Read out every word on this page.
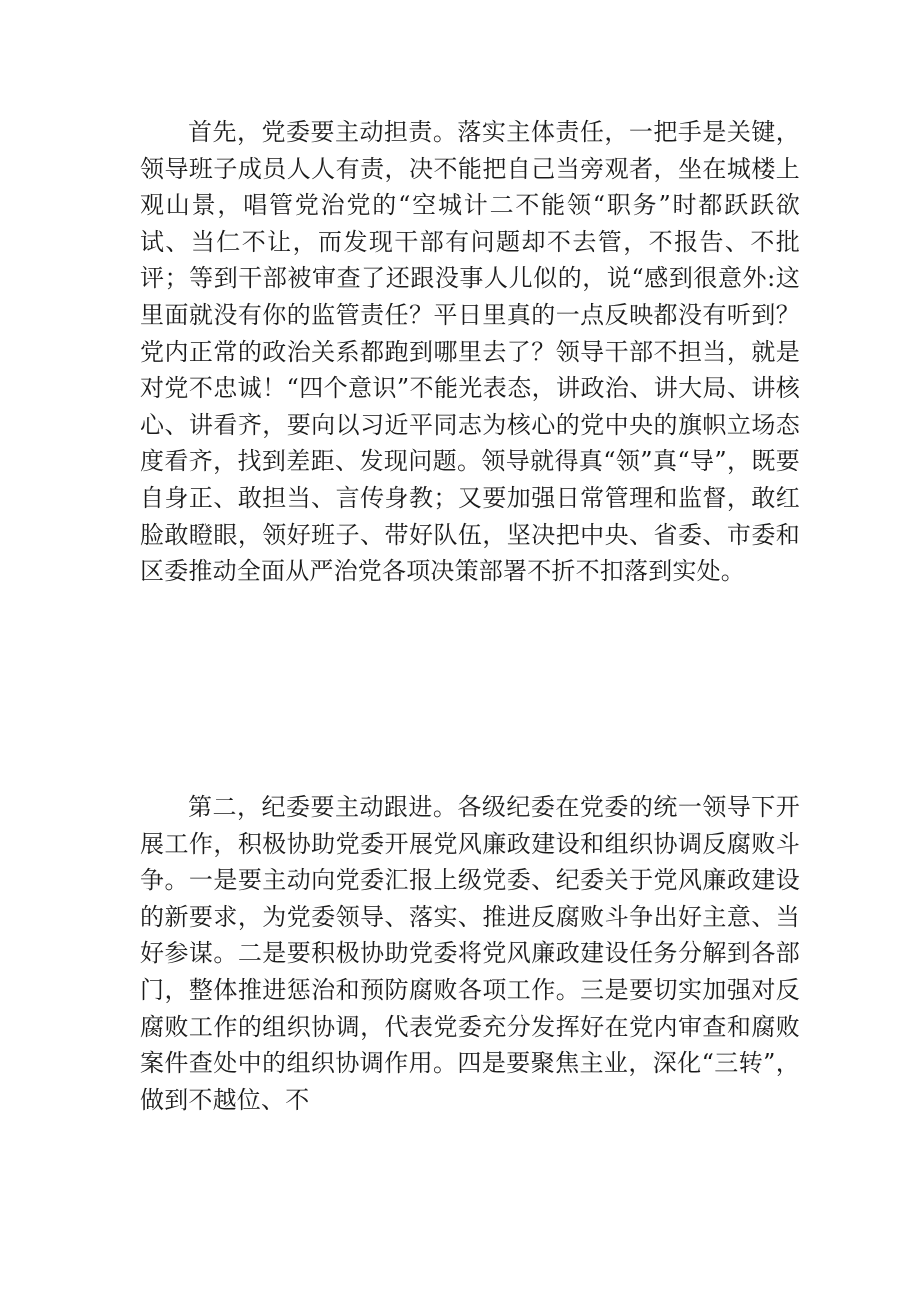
首先，党委要主动担责。落实主体责任，一把手是关键，领导班子成员人人有责，决不能把自己当旁观者，坐在城楼上观山景，唱管党治党的“空城计二不能领“职务”时都跃跃欲试、当仁不让，而发现干部有问题却不去管，不报告、不批评；等到干部被审查了还跟没事人儿似的，说“感到很意外:这里面就没有你的监管责任？平日里真的一点反映都没有听到？党内正常的政治关系都跑到哪里去了？领导干部不担当，就是对党不忠诚！“四个意识”不能光表态，讲政治、讲大局、讲核心、讲看齐，要向以习近平同志为核心的党中央的旗帜立场态度看齐，找到差距、发现问题。领导就得真“领”真“导”，既要自身正、敢担当、言传身教；又要加强日常管理和监督，敢红脸敢瞪眼，领好班子、带好队伍，坚决把中央、省委、市委和区委推动全面从严治党各项决策部署不折不扣落到实处。

第二，纪委要主动跟进。各级纪委在党委的统一领导下开展工作，积极协助党委开展党风廉政建设和组织协调反腐败斗争。一是要主动向党委汇报上级党委、纪委关于党风廉政建设的新要求，为党委领导、落实、推进反腐败斗争出好主意、当好参谋。二是要积极协助党委将党风廉政建设任务分解到各部门，整体推进惩治和预防腐败各项工作。三是要切实加强对反腐败工作的组织协调，代表党委充分发挥好在党内审查和腐败案件查处中的组织协调作用。四是要聚焦主业，深化“三转”，做到不越位、不
